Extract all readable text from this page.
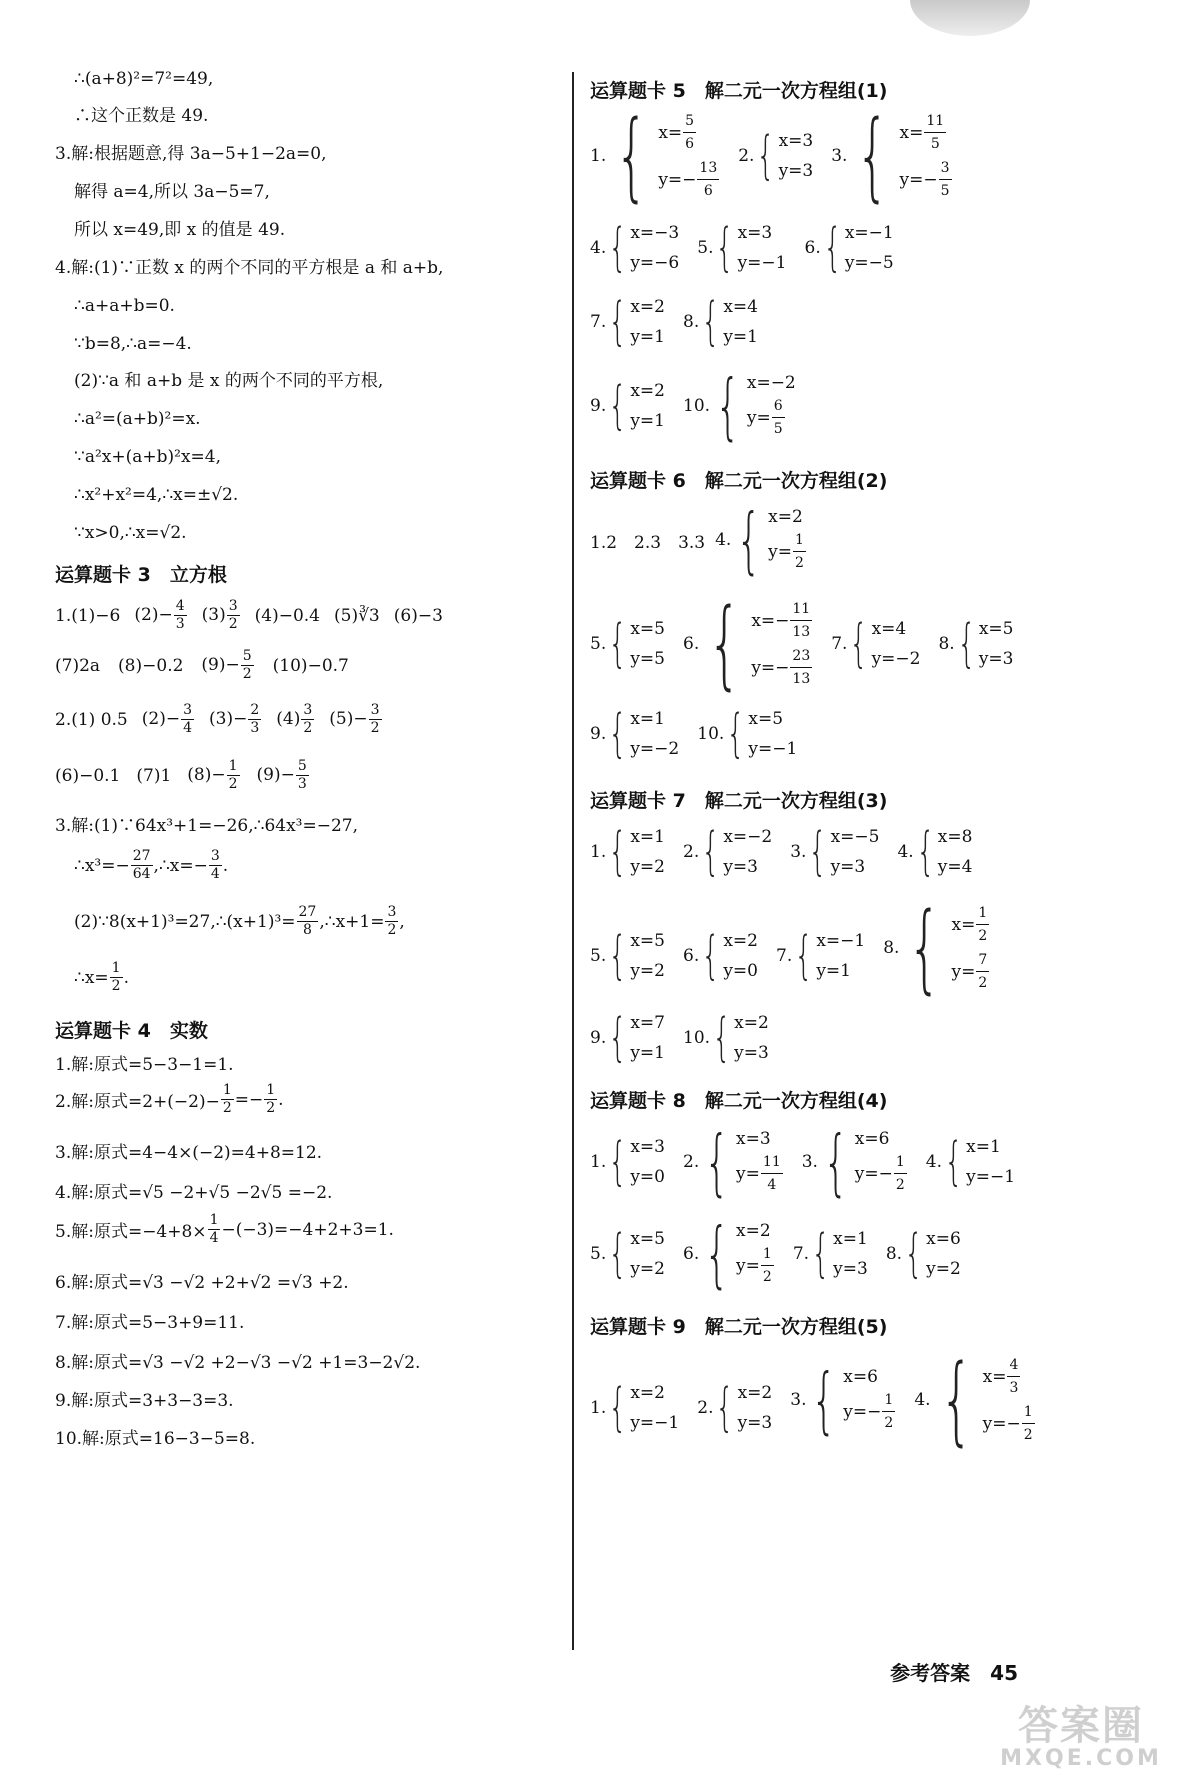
∴(a+8)²=7²=49,
∴这个正数是 49.
3.解:根据题意,得 3a−5+1−2a=0,
解得 a=4,所以 3a−5=7,
所以 x=49,即 x 的值是 49.
4.解:(1)∵正数 x 的两个不同的平方根是 a 和 a+b,
∴a+a+b=0.
∵b=8,∴a=−4.
(2)∵a 和 a+b 是 x 的两个不同的平方根,
∴a²=(a+b)²=x.
∵a²x+(a+b)²x=4,
∴x²+x²=4,∴x=±√2.
∵x>0,∴x=√2.
运算题卡 3　立方根
1.(1)−6 $(2)- \frac{4}{3} (3) \frac{3}{2} (4)-0.4$ (5)∛3 (6)−3
(7)2a (8)−0.2 $(9)- \frac{5}{2} (10)-0.7$
2.(1) 0.5 $(2)- \frac{3}{4} (3)- \frac{2}{3} (4) \frac{3}{2} (5)- \frac{3}{2}$
(6)−0.1 (7)1 $(8)- \frac{1}{2} (9)- \frac{5}{3}$
3.解:(1)∵64x³+1=−26,∴64x³=−27,
∴x³=− $\frac{27}{64}$ ,∴x=− $\frac{3}{4}$ .
(2)∵8(x+1)³=27,∴(x+1)³= $\frac{27}{8}$ ,∴x+1= $\frac{3}{2}$ ,
∴x= $\frac{1}{2}$ .
运算题卡 4　实数
1.解:原式=5−3−1=1.
2.解:原式$=2+(-2)- \frac{1}{2} =- \frac{1}{2}$ .
3.解:原式=4−4×(−2)=4+8=12.
4.解:原式=√5 −2+√5 −2√5 =−2.
5.解:原式$=-4+8\times \frac{1}{4} -(-3)=-4+2+3=1$.
6.解:原式=√3 −√2 +2+√2 =√3 +2.
7.解:原式=5−3+9=11.
8.解:原式=√3 −√2 +2−√3 −√2 +1=3−2√2.
9.解:原式=3+3−3=3.
10.解:原式=16−3−5=8.
运算题卡 5　解二元一次方程组(1)
1. { $x= \frac{5}{6}$
$y=- \frac{13}{6}$
2. { x=3
y=3
3. { $x= \frac{11}{5}$
$y=- \frac{3}{5}$
4. { x=−3
y=−6
5. { x=3
y=−1
6. { x=−1
y=−5
7. { x=2
y=1
8. { x=4
y=1
9. { x=2
y=1
10. { x=−2
$y= \frac{6}{5}$
运算题卡 6　解二元一次方程组(2)
1.2　2.3　3.3 4. { x=2
$y= \frac{1}{2}$
5. { x=5
y=5
6. { $x=- \frac{11}{13}$
$y=- \frac{23}{13}$
7. { x=4
y=−2
8. { x=5
y=3
9. { x=1
y=−2
10. { x=5
y=−1
运算题卡 7　解二元一次方程组(3)
1. { x=1
y=2
2. { x=−2
y=3
3. { x=−5
y=3
4. { x=8
y=4
5. { x=5
y=2
6. { x=2
y=0
7. { x=−1
y=1
8. { $x= \frac{1}{2}$
$y= \frac{7}{2}$
9. { x=7
y=1
10. { x=2
y=3
运算题卡 8　解二元一次方程组(4)
1. { x=3
y=0
2. { x=3
$y= \frac{11}{4} 3$. { x=6
$y=- \frac{1}{2} 4$. { x=1
y=−1
5. { x=5
y=2
6. { x=2
$y= \frac{1}{2} 7$. { x=1
y=3
8. { x=6
y=2
运算题卡 9　解二元一次方程组(5)
1. { x=2
y=−1
2. { x=2
y=3
3. { x=6
$y=- \frac{1}{2} 4$. { $x= \frac{4}{3}$
$y=- \frac{1}{2}$
参考答案　45
答案圈
MXQE.COM
